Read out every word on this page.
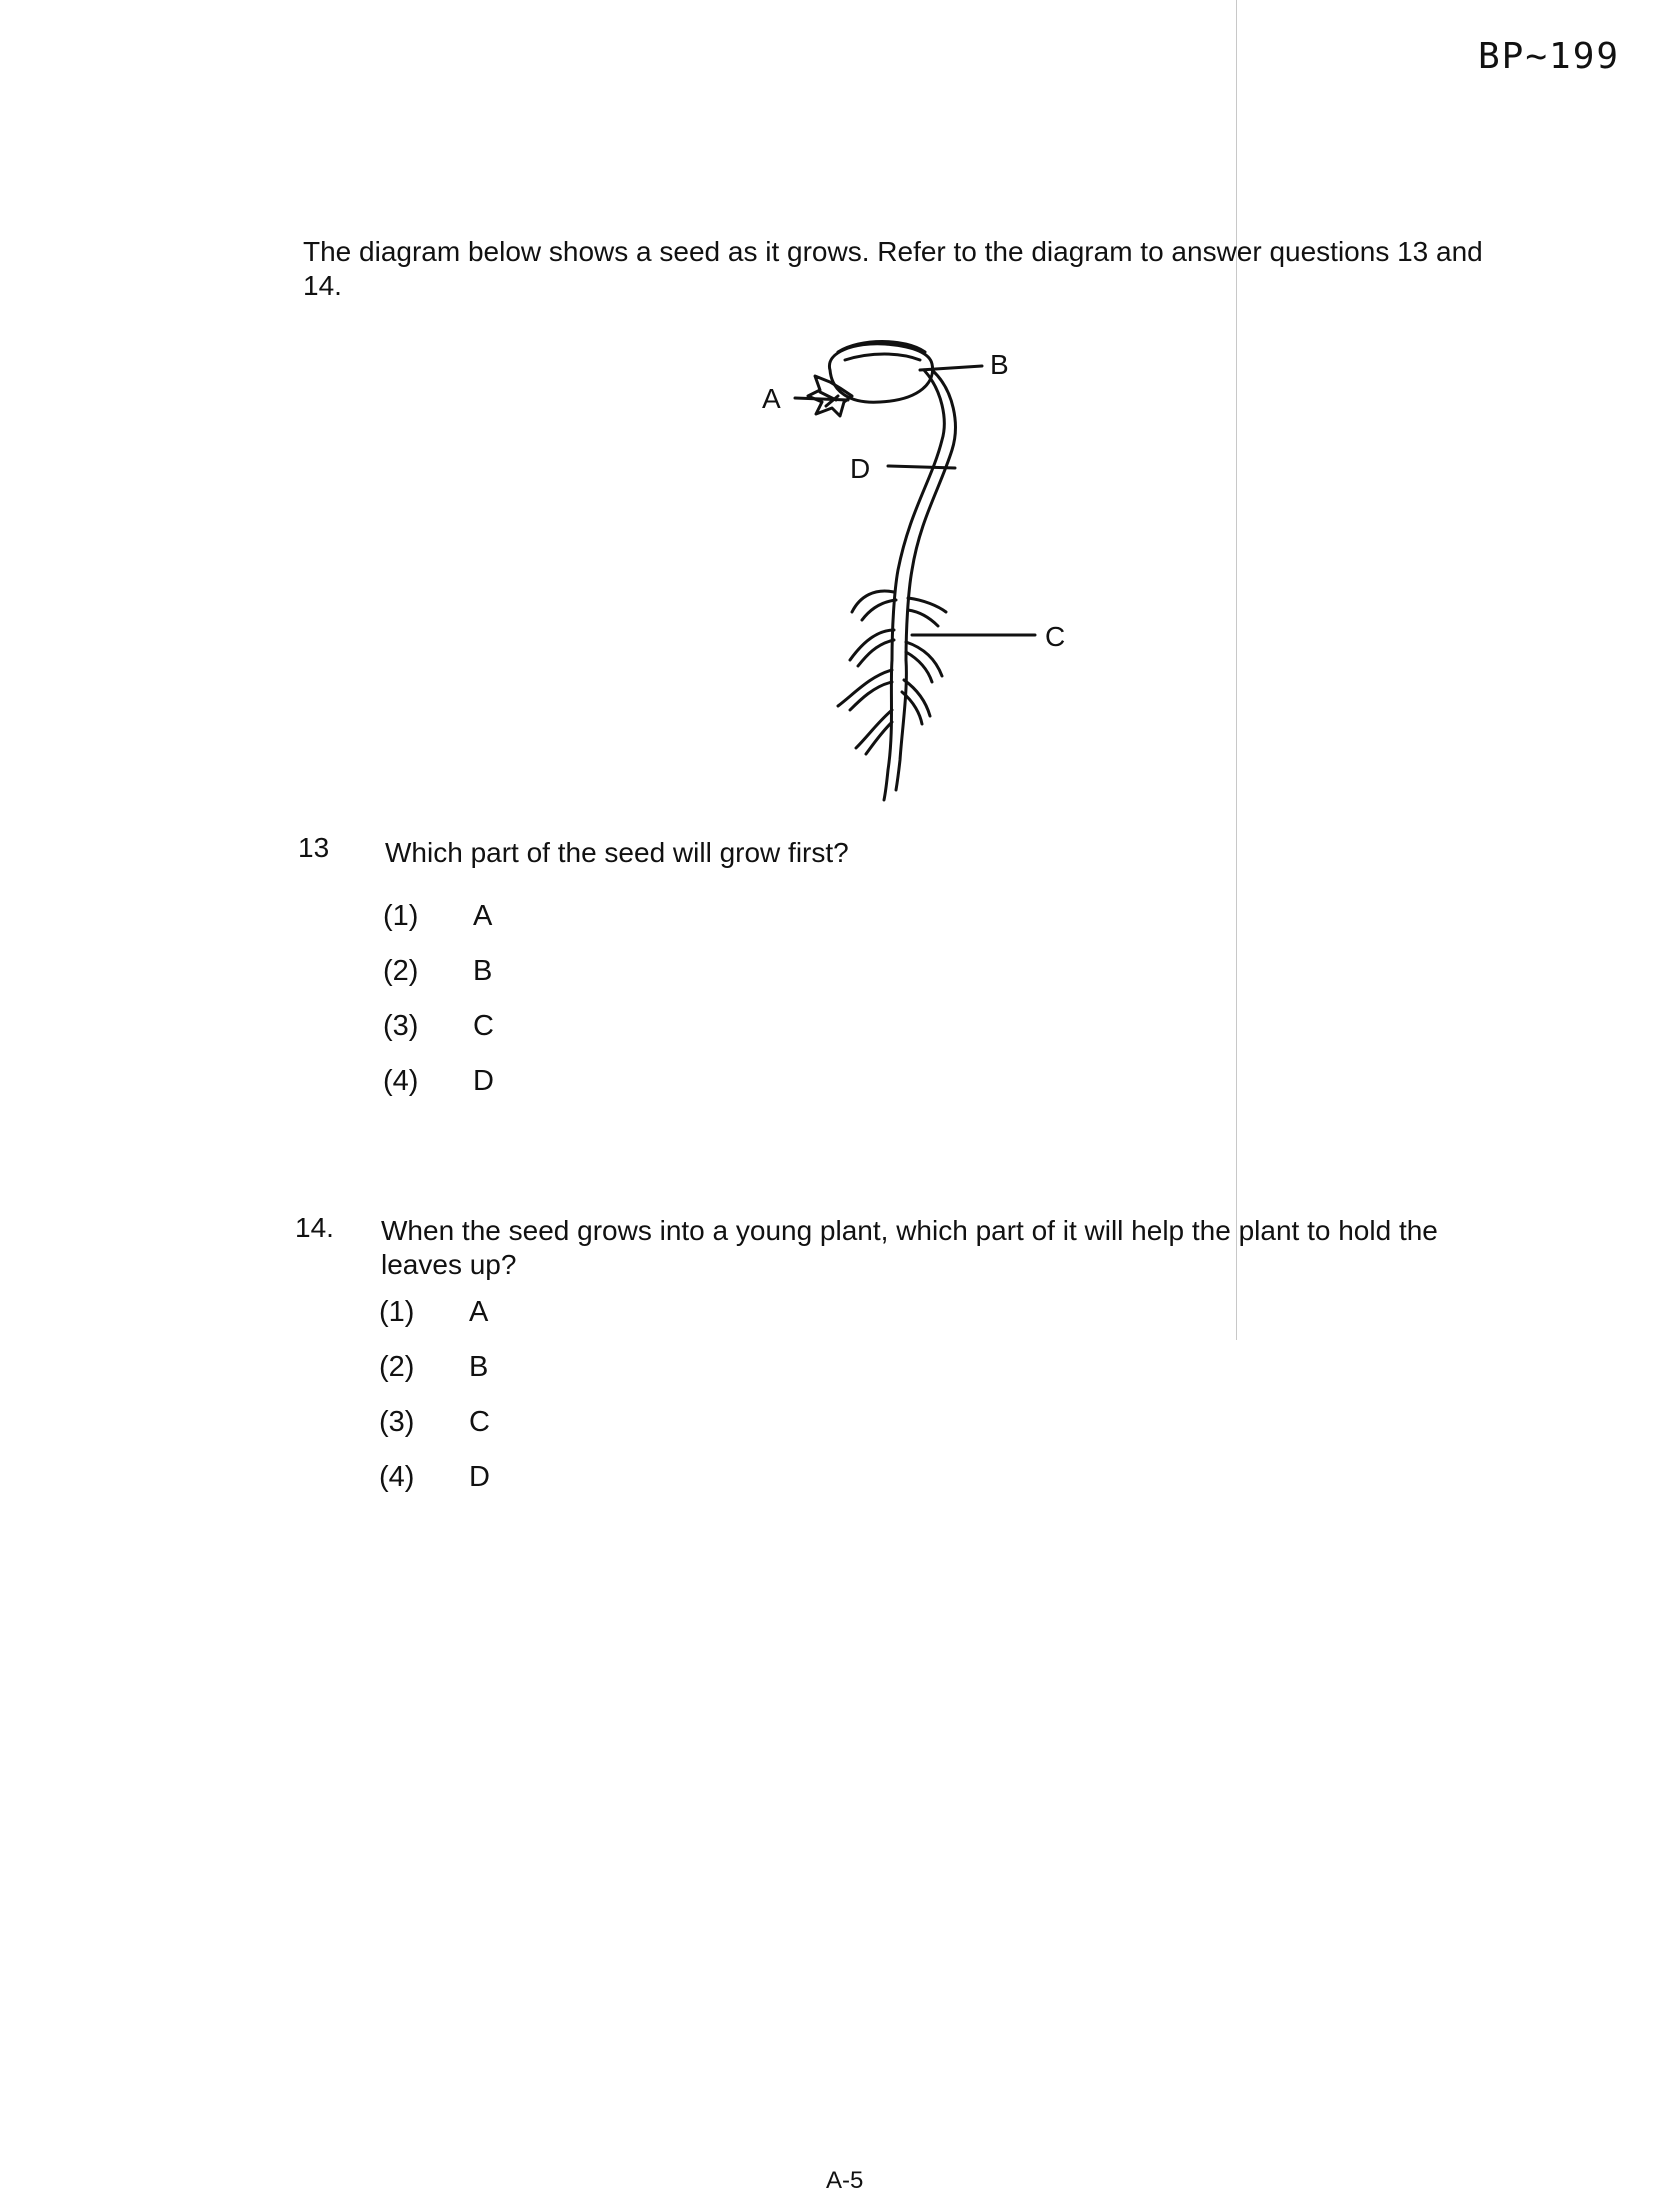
BP~199
The diagram below shows a seed as it grows. Refer to the diagram to answer questions 13 and 14.
A
B
D
C
13 Which part of the seed will grow first?
(1)	A
(2)	B
(3)	C
(4)	D
14. When the seed grows into a young plant, which part of it will help the plant to hold the leaves up?
(1)	A
(2)	B
(3)	C
(4)	D
A-5
